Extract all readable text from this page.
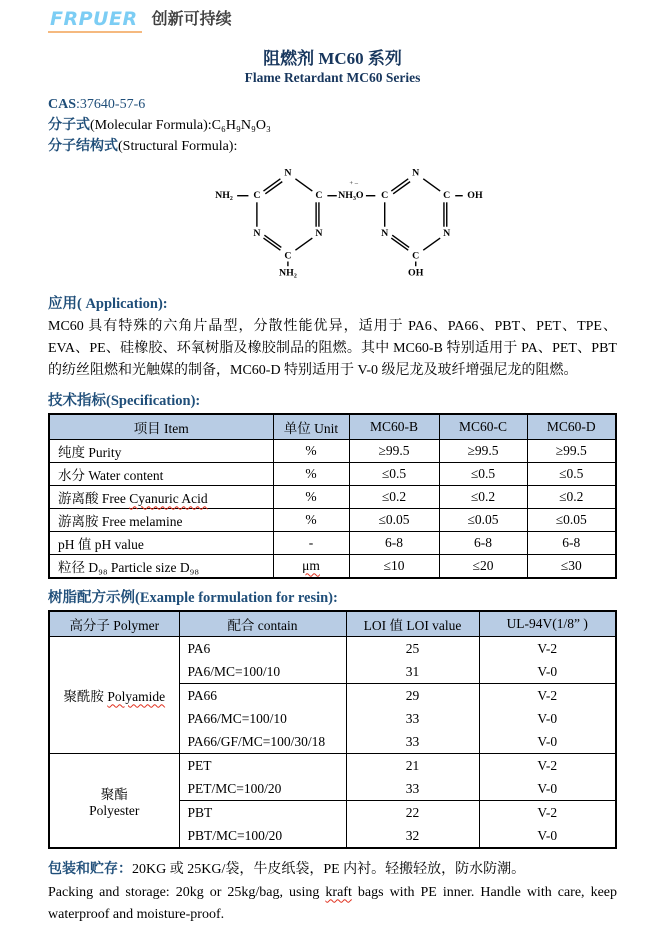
FRPUER 创新可持续
阻燃剂 MC60 系列
Flame Retardant MC60 Series
CAS:37640-57-6
分子式(Molecular Formula):C₆H₉N₉O₃
分子结构式(Structural Formula):
N
C	C
N	N
C
NH₂
NH₂
NH₃O
+ –
N
C	C
N	N
C
OH
OH
应用( Application):

MC60 具有特殊的六角片晶型，分散性能优异，适用于 PA6、PA66、PBT、PET、TPE、EVA、PE、硅橡胶、环氧树脂及橡胶制品的阻燃。其中 MC60-B 特别适用于 PA、PET、PBT 的纺丝阻燃和光触媒的制备，MC60-D 特别适用于 V-0 级尼龙及玻纤增强尼龙的阻燃。

技术指标(Specification):
项目 Item	单位 Unit	MC60-B	MC60-C	MC60-D
纯度 Purity	%	≥99.5	≥99.5	≥99.5
水分 Water content	%	≤0.5	≤0.5	≤0.5
游离酸 Free Cyanuric Acid	%	≤0.2	≤0.2	≤0.2
游离胺 Free melamine	%	≤0.05	≤0.05	≤0.05
pH 值 pH value	-	6-8	6-8	6-8
粒径 D₉₈ Particle size D₉₈	μm	≤10	≤20	≤30
树脂配方示例(Example formulation for resin):
高分子 Polymer	配合 contain	LOI 值 LOI value	UL-94V(1/8” )
聚酰胺 Polyamide	PA6	25	V-2
	PA6/MC=100/10	31	V-0
	PA66	29	V-2
	PA66/MC=100/10	33	V-0
	PA66/GF/MC=100/30/18	33	V-0

聚酯
Polyester	PET	21	V-2
	PET/MC=100/20	33	V-0
	PBT	22	V-2
	PBT/MC=100/20	32	V-0

包装和贮存：20KG 或 25KG/袋，牛皮纸袋，PE 内衬。轻搬轻放，防水防潮。

Packing and storage: 20kg or 25kg/bag, using kraft bags with PE inner. Handle with care, keep waterproof and moisture-proof.
